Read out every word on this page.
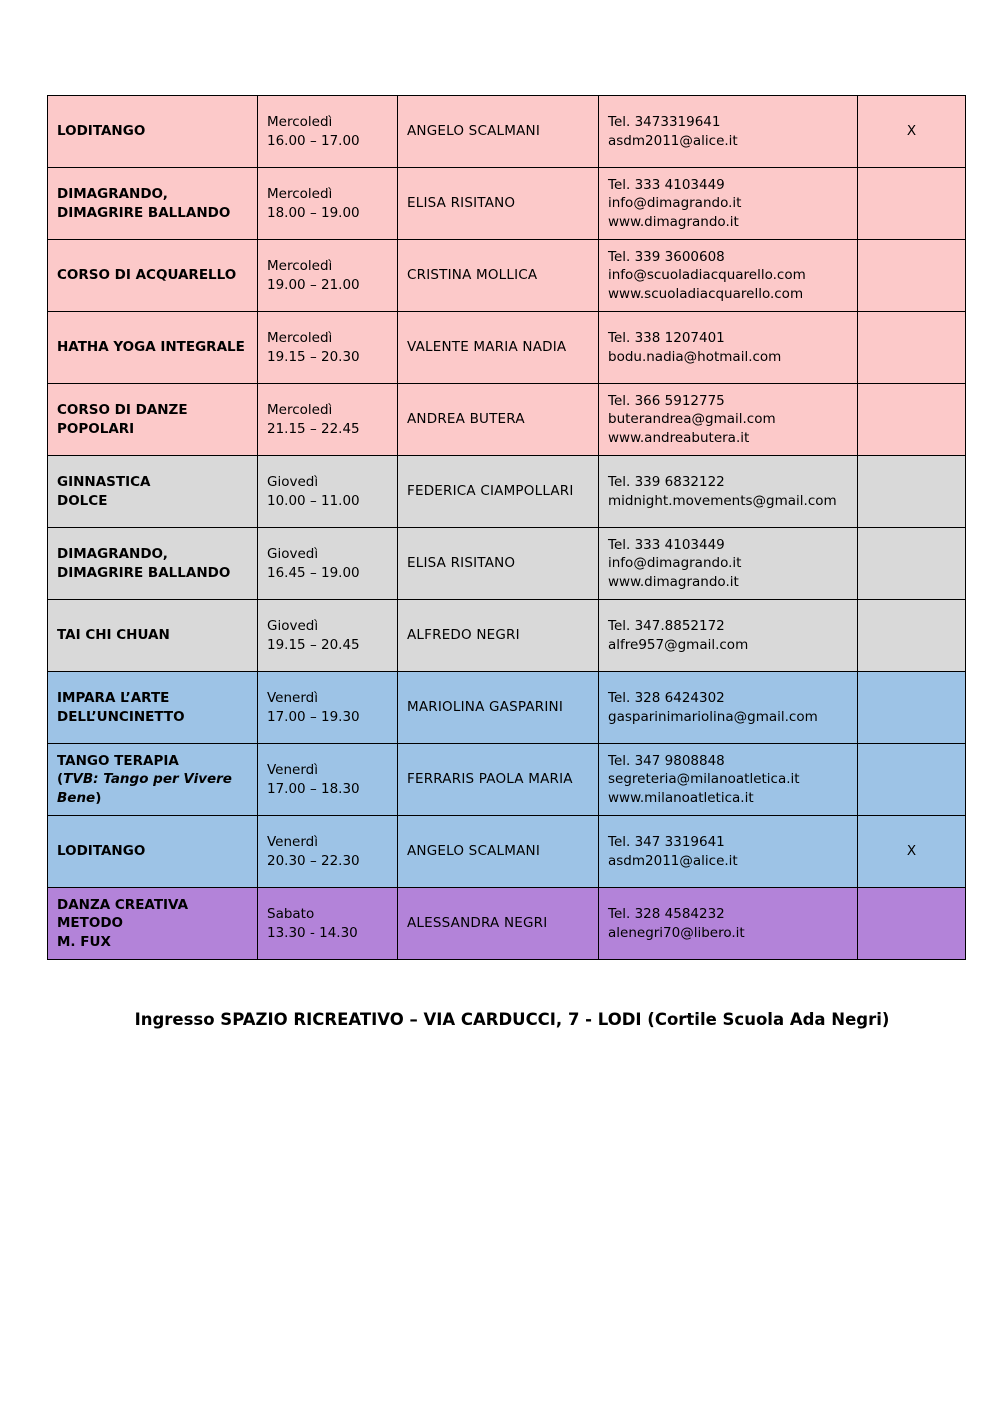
LODITANGO	Mercoledì
16.00 – 17.00	ANGELO SCALMANI	Tel. 3473319641
asdm2011@alice.it	X

DIMAGRANDO,
DIMAGRIRE BALLANDO	Mercoledì
18.00 – 19.00	ELISA RISITANO	Tel. 333 4103449
info@dimagrando.it
www.dimagrando.it	

CORSO DI ACQUARELLO	Mercoledì
19.00 – 21.00	CRISTINA MOLLICA	Tel. 339 3600608
info@scuoladiacquarello.com
www.scuoladiacquarello.com	

HATHA YOGA INTEGRALE	Mercoledì
19.15 – 20.30	VALENTE MARIA NADIA	Tel. 338 1207401
bodu.nadia@hotmail.com	

CORSO DI DANZE
POPOLARI	Mercoledì
21.15 – 22.45	ANDREA BUTERA	Tel. 366 5912775
buterandrea@gmail.com
www.andreabutera.it	

GINNASTICA
DOLCE	Giovedì
10.00 – 11.00	FEDERICA CIAMPOLLARI	Tel. 339 6832122
midnight.movements@gmail.com	

DIMAGRANDO,
DIMAGRIRE BALLANDO	Giovedì
16.45 – 19.00	ELISA RISITANO	Tel. 333 4103449
info@dimagrando.it
www.dimagrando.it	

TAI CHI CHUAN	Giovedì
19.15 – 20.45	ALFREDO NEGRI	Tel. 347.8852172
alfre957@gmail.com	

IMPARA L’ARTE
DELL’UNCINETTO	Venerdì
17.00 – 19.30	MARIOLINA GASPARINI	Tel. 328 6424302
gasparinimariolina@gmail.com	

TANGO TERAPIA
(TVB: Tango per Vivere
Bene)	Venerdì
17.00 – 18.30	FERRARIS PAOLA MARIA	Tel. 347 9808848
segreteria@milanoatletica.it
www.milanoatletica.it	

LODITANGO	Venerdì
20.30 – 22.30	ANGELO SCALMANI	Tel. 347 3319641
asdm2011@alice.it	X

DANZA CREATIVA METODO
M. FUX	Sabato
13.30 - 14.30	ALESSANDRA NEGRI	Tel. 328 4584232
alenegri70@libero.it	

Ingresso SPAZIO RICREATIVO – VIA CARDUCCI, 7 - LODI (Cortile Scuola Ada Negri)
